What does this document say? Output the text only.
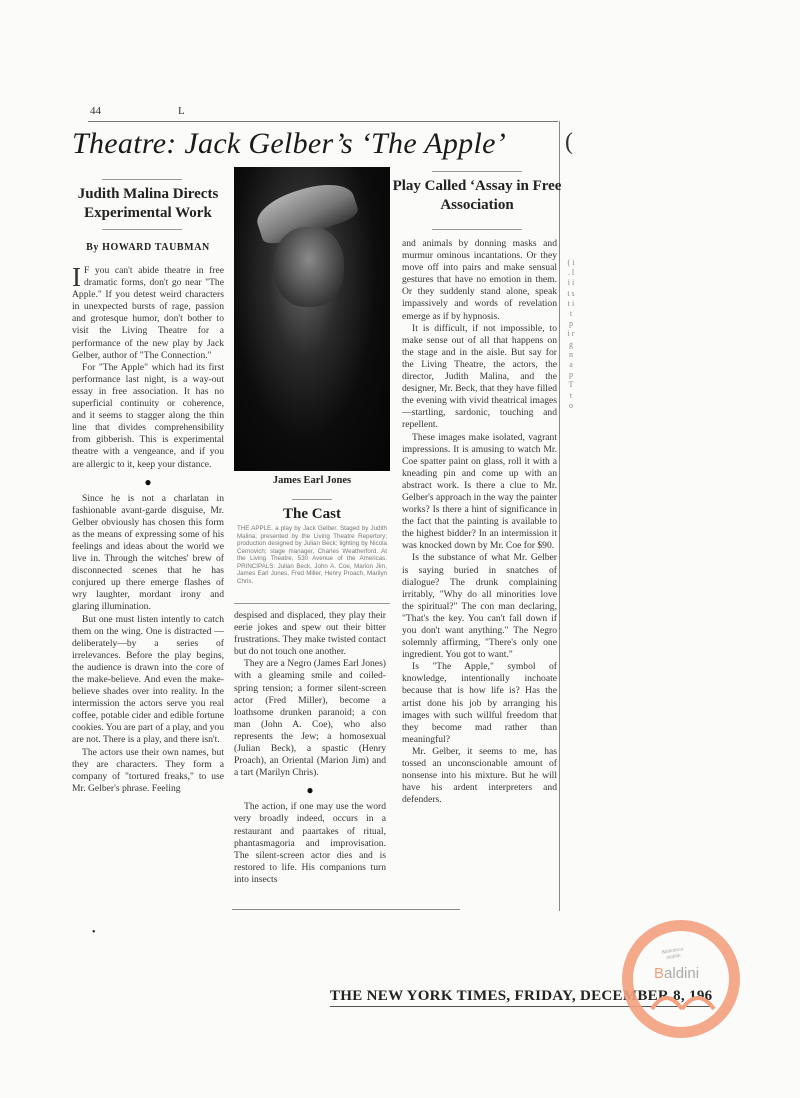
44	L
Theatre: Jack Gelber’s ‘The Apple’	(
Judith Malina Directs Experimental Work
Play Called ‘Assay in Free Association
By HOWARD TAUBMAN

I F you can't abide theatre in free dramatic forms, don't go near "The Apple." If you detest weird characters in unexpected bursts of rage, passion and grotesque humor, don't bother to visit the Living Theatre for a performance of the new play by Jack Gelber, author of "The Connection."

For "The Apple" which had its first performance last night, is a way-out essay in free association. It has no superficial continuity or coherence, and it seems to stagger along the thin line that divides comprehensibility from gibberish. This is experimental theatre with a vengeance, and if you are allergic to it, keep your distance.

●

Since he is not a charlatan in fashionable avant-garde disguise, Mr. Gelber obviously has chosen this form as the means of expressing some of his feelings and ideas about the world we live in. Through the witches' brew of disconnected scenes that he has conjured up there emerge flashes of wry laughter, mordant irony and glaring illumination.

But one must listen intently to catch them on the wing. One is distracted — deliberately—by a series of irrelevances. Before the play begins, the audience is drawn into the core of the make-believe. And even the make-believe shades over into reality. In the intermission the actors serve you real coffee, potable cider and edible fortune cookies. You are part of a play, and you are not. There is a play, and there isn't.

The actors use their own names, but they are characters. They form a company of "tortured freaks," to use Mr. Gelber's phrase. Feeling

James Earl Jones
The Cast
THE APPLE, a play by Jack Gelber. Staged by Judith Malina; presented by the Living Theatre Repertory; production designed by Julian Beck; lighting by Nicola Cernovich; stage manager, Charles Weatherford. At the Living Theatre, 530 Avenue of the Americas. PRINCIPALS: Julian Beck, John A. Coe, Marion Jim, James Earl Jones, Fred Miller, Henry Proach, Marilyn Chris.

despised and displaced, they play their eerie jokes and spew out their bitter frustrations. They make twisted contact but do not touch one another.

They are a Negro (James Earl Jones) with a gleaming smile and coiled-spring tension; a former silent-screen actor (Fred Miller), become a loathsome drunken paranoid; a con man (John A. Coe), who also represents the Jew; a homosexual (Julian Beck), a spastic (Henry Proach), an Oriental (Marion Jim) and a tart (Marilyn Chris).

●

The action, if one may use the word very broadly indeed, occurs in a restaurant and paartakes of ritual, phantasmagoria and improvisation. The silent-screen actor dies and is restored to life. His companions turn into insects

and animals by donning masks and murmur ominous incantations. Or they move off into pairs and make sensual gestures that have no emotion in them. Or they suddenly stand alone, speak impassively and words of revelation emerge as if by hypnosis.

It is difficult, if not impossible, to make sense out of all that happens on the stage and in the aisle. But say for the Living Theatre, the actors, the director, Judith Malina, and the designer, Mr. Beck, that they have filled the evening with vivid theatrical images—startling, sardonic, touching and repellent.

These images make isolated, vagrant impressions. It is amusing to watch Mr. Coe spatter paint on glass, roll it with a kneading pin and come up with an abstract work. Is there a clue to Mr. Gelber's approach in the way the painter works? Is there a hint of significance in the fact that the painting is available to the highest bidder? In an intermission it was knocked down by Mr. Coe for $90.

Is the substance of what Mr. Gelber is saying buried in snatches of dialogue? The drunk complaining irritably, "Why do all minorities love the spiritual?" The con man declaring, "That's the key. You can't fall down if you don't want anything." The Negro solemnly affirming, "There's only one ingredient. You got to want."

Is "The Apple," symbol of knowledge, intentionally inchoate because that is how life is? Has the artist done his job by arranging his images with such willful freedom that they become mad rather than meaningful?

Mr. Gelber, it seems to me, has tossed an unconscionable amount of nonsense into his mixture. But he will have his ardent interpreters and defenders.

•
( i . l i i t s t i t p i r g n a p T t o
THE NEW YORK TIMES, FRIDAY, DECEMBER 8, 196
Biblioteca stabile
Baldini
